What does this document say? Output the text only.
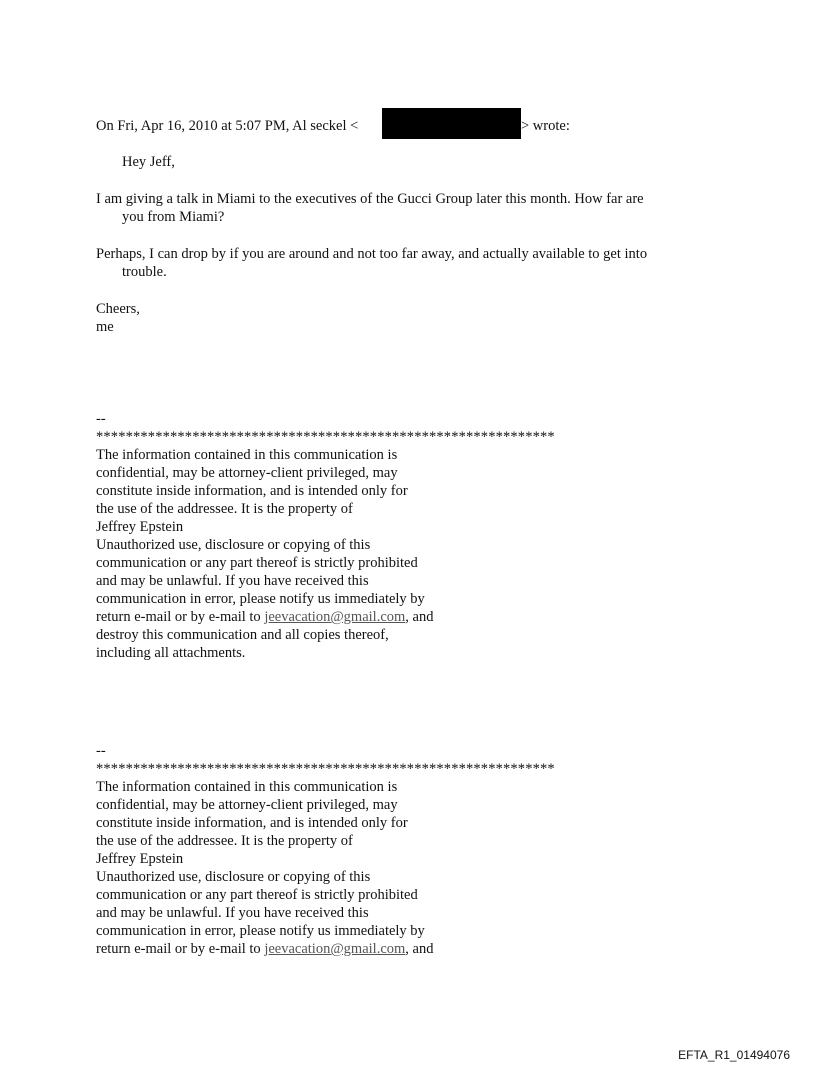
On Fri, Apr 16, 2010 at 5:07 PM, Al seckel <	> wrote:
Hey Jeff,
I am giving a talk in Miami to the executives of the Gucci Group later this month. How far are
you from Miami?
Perhaps, I can drop by if you are around and not too far away, and actually available to get into
trouble.
Cheers,
me
--
**************************************************************
The information contained in this communication is
confidential, may be attorney-client privileged, may
constitute inside information, and is intended only for
the use of the addressee. It is the property of
Jeffrey Epstein
Unauthorized use, disclosure or copying of this
communication or any part thereof is strictly prohibited
and may be unlawful. If you have received this
communication in error, please notify us immediately by
return e-mail or by e-mail to jeevacation@gmail.com, and
destroy this communication and all copies thereof,
including all attachments.
--
**************************************************************
The information contained in this communication is
confidential, may be attorney-client privileged, may
constitute inside information, and is intended only for
the use of the addressee. It is the property of
Jeffrey Epstein
Unauthorized use, disclosure or copying of this
communication or any part thereof is strictly prohibited
and may be unlawful. If you have received this
communication in error, please notify us immediately by
return e-mail or by e-mail to jeevacation@gmail.com, and
EFTA_R1_01494076
